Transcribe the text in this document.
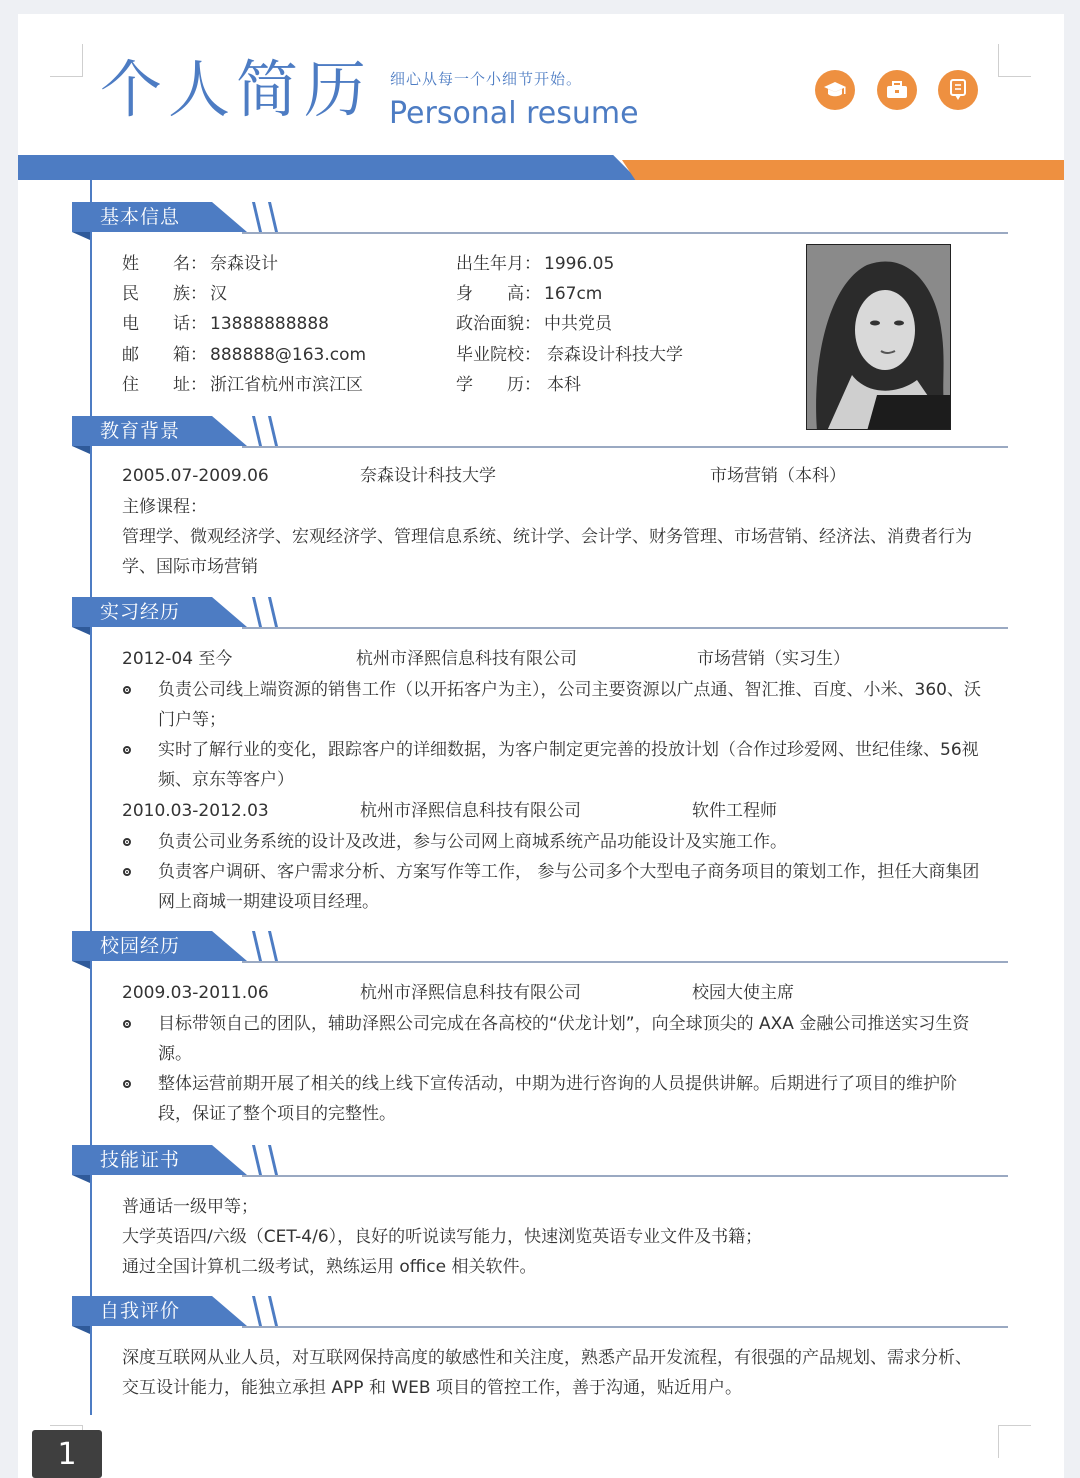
个人简历 细心从每一个小细节开始。
Personal resume
基本信息
姓　　名： 奈森设计
民　　族： 汉
电　　话： 13888888888
邮　　箱： 888888@163.com
住　　址： 浙江省杭州市滨江区
出生年月： 1996.05
身　　高： 167cm
政治面貌： 中共党员
毕业院校： 奈森设计科技大学
学　　历： 本科
教育背景
2005.07-2009.06	奈森设计科技大学	市场营销（本科）
主修课程：
管理学、微观经济学、宏观经济学、管理信息系统、统计学、会计学、财务管理、市场营销、经济法、消费者行为学、国际市场营销
实习经历
2012-04 至今	杭州市泽熙信息科技有限公司	市场营销（实习生）
负责公司线上端资源的销售工作（以开拓客户为主），公司主要资源以广点通、智汇推、百度、小米、360、沃门户等；
实时了解行业的变化，跟踪客户的详细数据，为客户制定更完善的投放计划（合作过珍爱网、世纪佳缘、56视频、京东等客户）
2010.03-2012.03	杭州市泽熙信息科技有限公司	软件工程师
负责公司业务系统的设计及改进，参与公司网上商城系统产品功能设计及实施工作。
负责客户调研、客户需求分析、方案写作等工作， 参与公司多个大型电子商务项目的策划工作，担任大商集团网上商城一期建设项目经理。
校园经历
2009.03-2011.06	杭州市泽熙信息科技有限公司	校园大使主席
目标带领自己的团队，辅助泽熙公司完成在各高校的“伏龙计划”，向全球顶尖的 AXA 金融公司推送实习生资源。
整体运营前期开展了相关的线上线下宣传活动，中期为进行咨询的人员提供讲解。后期进行了项目的维护阶段，保证了整个项目的完整性。
技能证书
普通话一级甲等；
大学英语四/六级（CET-4/6），良好的听说读写能力，快速浏览英语专业文件及书籍；
通过全国计算机二级考试，熟练运用 office 相关软件。
自我评价
深度互联网从业人员，对互联网保持高度的敏感性和关注度，熟悉产品开发流程，有很强的产品规划、需求分析、交互设计能力，能独立承担 APP 和 WEB 项目的管控工作，善于沟通，贴近用户。
1
